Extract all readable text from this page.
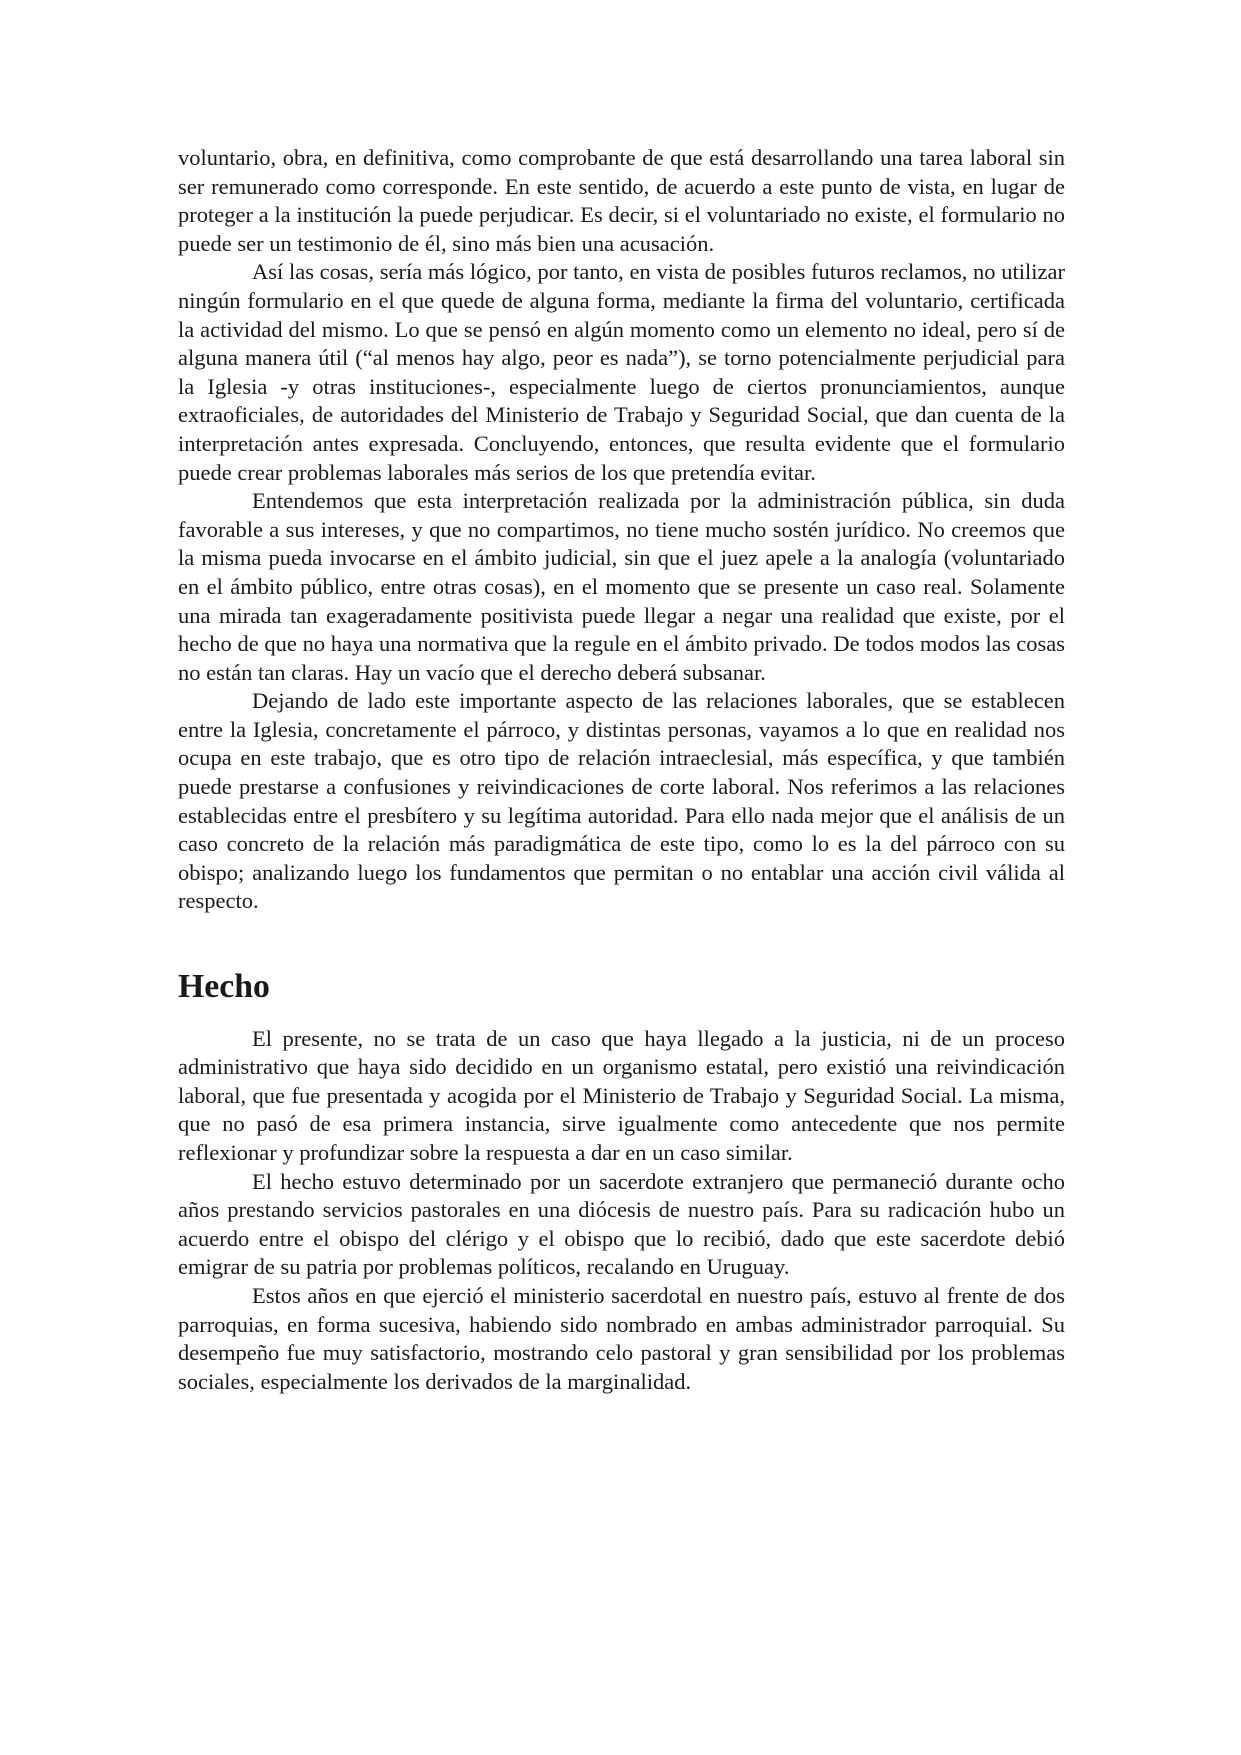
voluntario, obra, en definitiva, como comprobante de que está desarrollando una tarea laboral sin ser remunerado como corresponde. En este sentido, de acuerdo a este punto de vista, en lugar de proteger a la institución la puede perjudicar. Es decir, si el voluntariado no existe, el formulario no puede ser un testimonio de él, sino más bien una acusación.

Así las cosas, sería más lógico, por tanto, en vista de posibles futuros reclamos, no utilizar ningún formulario en el que quede de alguna forma, mediante la firma del voluntario, certificada la actividad del mismo. Lo que se pensó en algún momento como un elemento no ideal, pero sí de alguna manera útil (“al menos hay algo, peor es nada”), se torno potencialmente perjudicial para la Iglesia -y otras instituciones-, especialmente luego de ciertos pronunciamientos, aunque extraoficiales, de autoridades del Ministerio de Trabajo y Seguridad Social, que dan cuenta de la interpretación antes expresada. Concluyendo, entonces, que resulta evidente que el formulario puede crear problemas laborales más serios de los que pretendía evitar.

Entendemos que esta interpretación realizada por la administración pública, sin duda favorable a sus intereses, y que no compartimos, no tiene mucho sostén jurídico. No creemos que la misma pueda invocarse en el ámbito judicial, sin que el juez apele a la analogía (voluntariado en el ámbito público, entre otras cosas), en el momento que se presente un caso real. Solamente una mirada tan exageradamente positivista puede llegar a negar una realidad que existe, por el hecho de que no haya una normativa que la regule en el ámbito privado. De todos modos las cosas no están tan claras. Hay un vacío que el derecho deberá subsanar.

Dejando de lado este importante aspecto de las relaciones laborales, que se establecen entre la Iglesia, concretamente el párroco, y distintas personas, vayamos a lo que en realidad nos ocupa en este trabajo, que es otro tipo de relación intraeclesial, más específica, y que también puede prestarse a confusiones y reivindicaciones de corte laboral. Nos referimos a las relaciones establecidas entre el presbítero y su legítima autoridad. Para ello nada mejor que el análisis de un caso concreto de la relación más paradigmática de este tipo, como lo es la del párroco con su obispo; analizando luego los fundamentos que permitan o no entablar una acción civil válida al respecto.

Hecho

El presente, no se trata de un caso que haya llegado a la justicia, ni de un proceso administrativo que haya sido decidido en un organismo estatal, pero existió una reivindicación laboral, que fue presentada y acogida por el Ministerio de Trabajo y Seguridad Social. La misma, que no pasó de esa primera instancia, sirve igualmente como antecedente que nos permite reflexionar y profundizar sobre la respuesta a dar en un caso similar.

El hecho estuvo determinado por un sacerdote extranjero que permaneció durante ocho años prestando servicios pastorales en una diócesis de nuestro país. Para su radicación hubo un acuerdo entre el obispo del clérigo y el obispo que lo recibió, dado que este sacerdote debió emigrar de su patria por problemas políticos, recalando en Uruguay.

Estos años en que ejerció el ministerio sacerdotal en nuestro país, estuvo al frente de dos parroquias, en forma sucesiva, habiendo sido nombrado en ambas administrador parroquial. Su desempeño fue muy satisfactorio, mostrando celo pastoral y gran sensibilidad por los problemas sociales, especialmente los derivados de la marginalidad.
